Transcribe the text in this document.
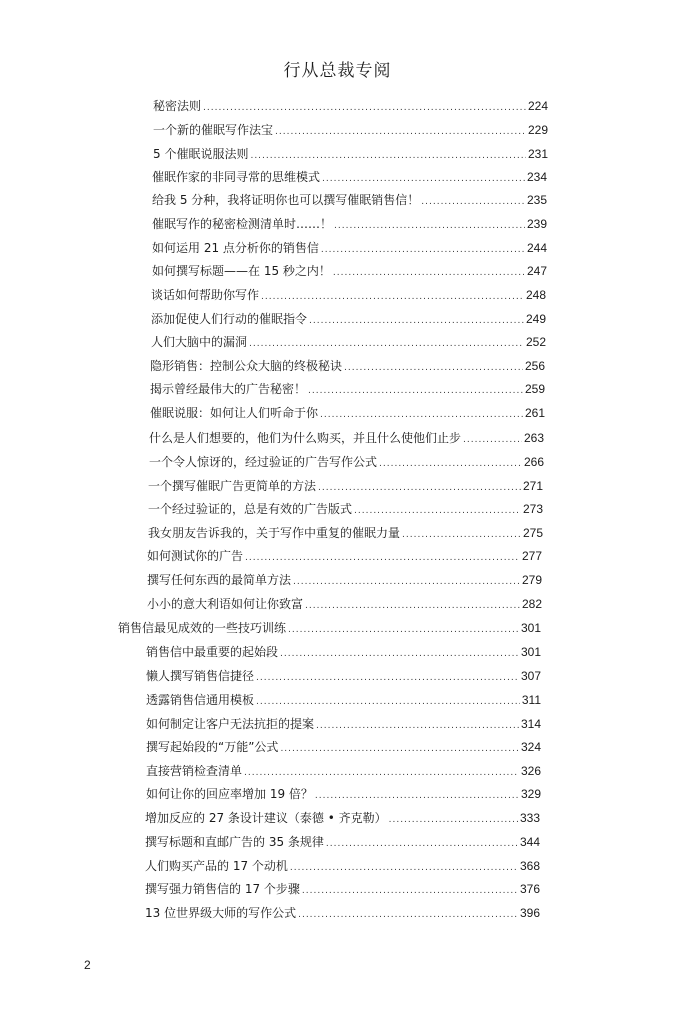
行从总裁专阅
秘密法则 .....	224
一个新的催眠写作法宝 .....	229
5 个催眠说服法则 .....	231
催眠作家的非同寻常的思维模式 .....	234
给我 5 分种，我将证明你也可以撰写催眠销售信！ .....	235
催眠写作的秘密检测清单时……！ .....	239
如何运用 21 点分析你的销售信 .....	244
如何撰写标题——在 15 秒之内！ .....	247
谈话如何帮助你写作 .....	248
添加促使人们行动的催眠指令 .....	249
人们大脑中的漏洞 .....	252
隐形销售：控制公众大脑的终极秘诀 .....	256
揭示曾经最伟大的广告秘密！ .....	259
催眠说服：如何让人们听命于你 .....	261
什么是人们想要的，他们为什么购买，并且什么使他们止步 .....	263
一个令人惊讶的，经过验证的广告写作公式 .....	266
一个撰写催眠广告更简单的方法 .....	271
一个经过验证的，总是有效的广告版式 .....	273
我女朋友告诉我的，关于写作中重复的催眠力量 .....	275
如何测试你的广告 .....	277
撰写任何东西的最简单方法 .....	279
小小的意大利语如何让你致富 .....	282
销售信最见成效的一些技巧训练 .....	301
销售信中最重要的起始段 .....	301
懒人撰写销售信捷径 .....	307
透露销售信通用模板 .....	311
如何制定让客户无法抗拒的提案 .....	314
撰写起始段的“万能”公式 .....	324
直接营销检查清单 .....	326
如何让你的回应率增加 19 倍？ .....	329
增加反应的 27 条设计建议（泰德 • 齐克勒） .....	333
撰写标题和直邮广告的 35 条规律 .....	344
人们购买产品的 17 个动机 .....	368
撰写强力销售信的 17 个步骤 .....	376
13 位世界级大师的写作公式 .....	396
2
